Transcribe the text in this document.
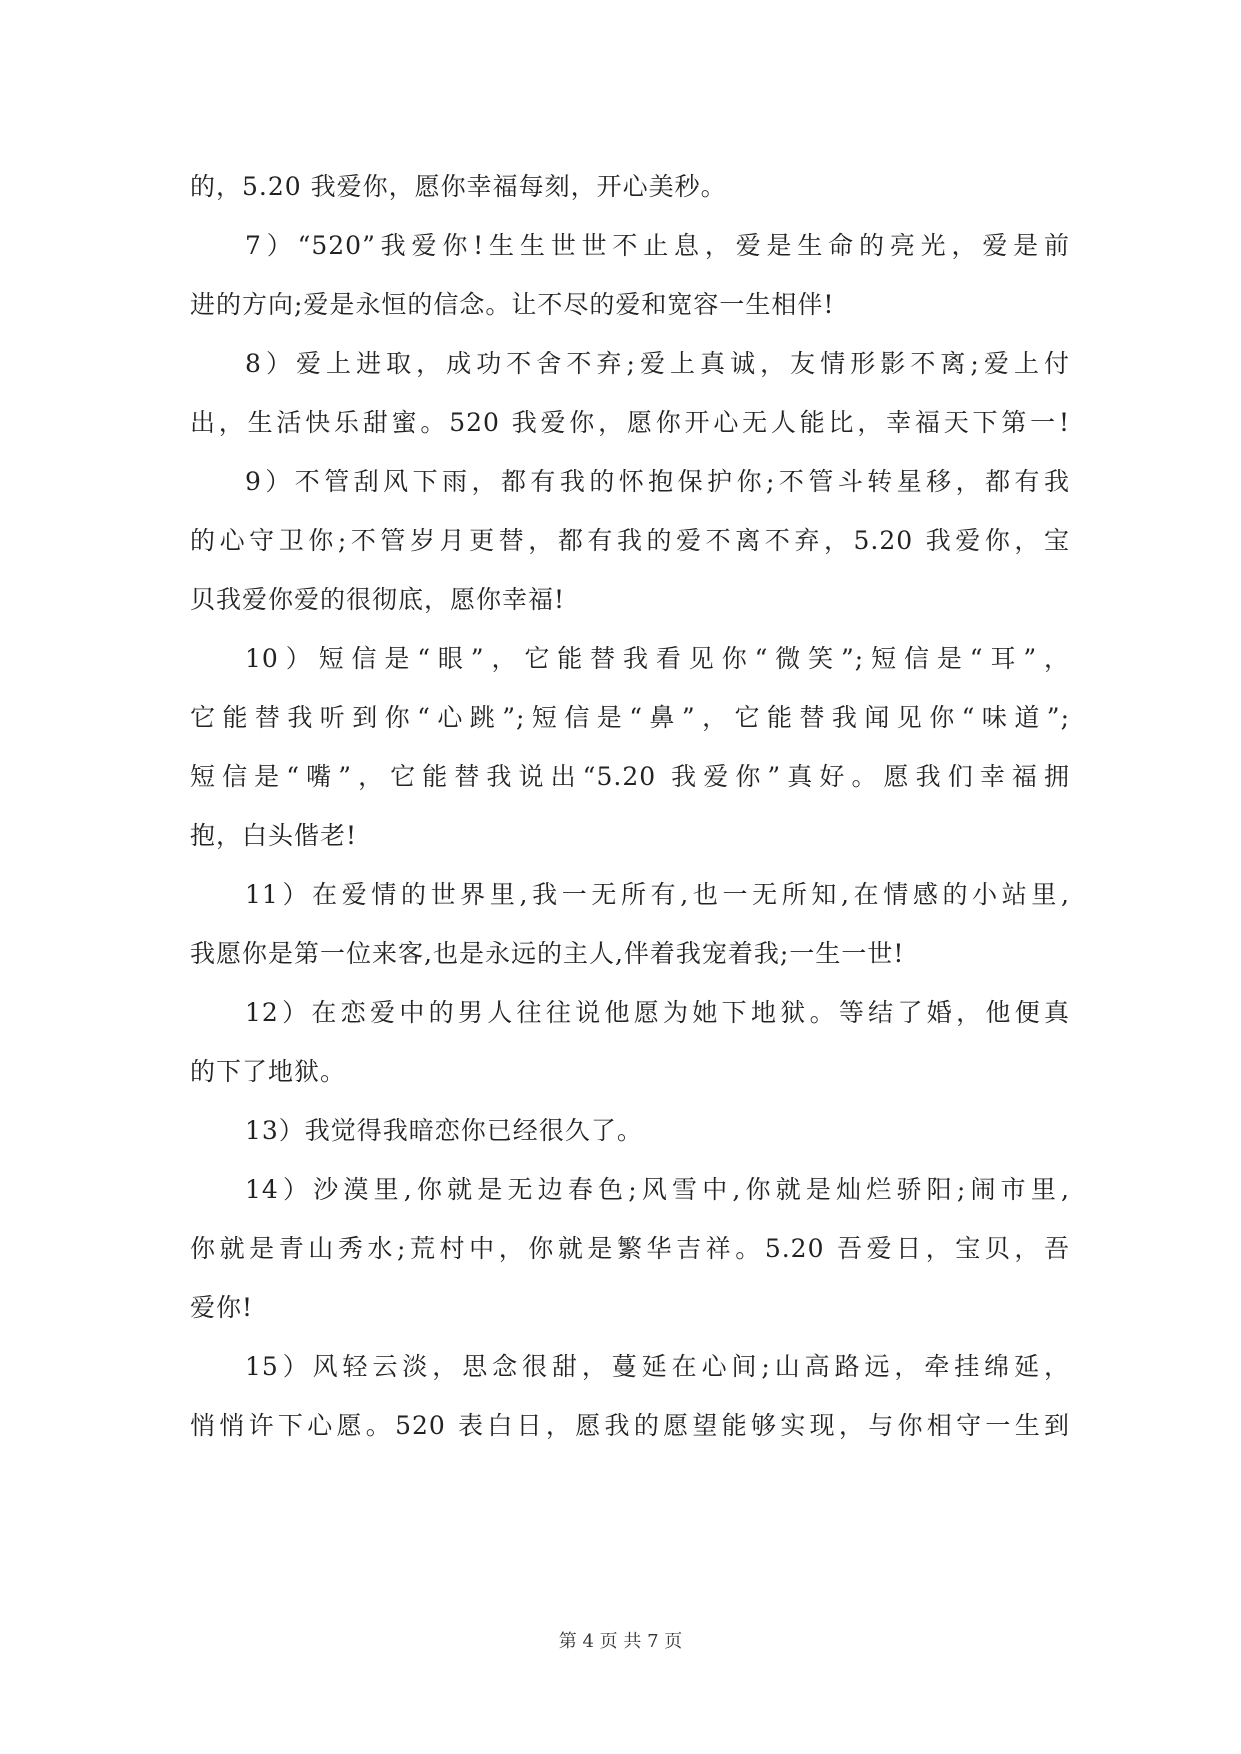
的，5.20 我爱你，愿你幸福每刻，开心美秒。
7）“520”我爱你!生生世世不止息，爱是生命的亮光，爱是前
进的方向;爱是永恒的信念。让不尽的爱和宽容一生相伴!
8）爱上进取，成功不舍不弃;爱上真诚，友情形影不离;爱上付
出，生活快乐甜蜜。520 我爱你，愿你开心无人能比，幸福天下第一!
9）不管刮风下雨，都有我的怀抱保护你;不管斗转星移，都有我
的心守卫你;不管岁月更替，都有我的爱不离不弃，5.20 我爱你，宝
贝我爱你爱的很彻底，愿你幸福!
10）短信是“眼”，它能替我看见你“微笑”;短信是“耳”，
它能替我听到你“心跳”;短信是“鼻”，它能替我闻见你“味道”;
短信是“嘴”，它能替我说出“5.20 我爱你”真好。愿我们幸福拥
抱，白头偕老!
11）在爱情的世界里,我一无所有,也一无所知,在情感的小站里,
我愿你是第一位来客,也是永远的主人,伴着我宠着我;一生一世!
12）在恋爱中的男人往往说他愿为她下地狱。等结了婚，他便真
的下了地狱。
13）我觉得我暗恋你已经很久了。
14）沙漠里,你就是无边春色;风雪中,你就是灿烂骄阳;闹市里,
你就是青山秀水;荒村中，你就是繁华吉祥。5.20 吾爱日，宝贝，吾
爱你!
15）风轻云淡，思念很甜，蔓延在心间;山高路远，牵挂绵延，
悄悄许下心愿。520 表白日，愿我的愿望能够实现，与你相守一生到
第 4 页 共 7 页
